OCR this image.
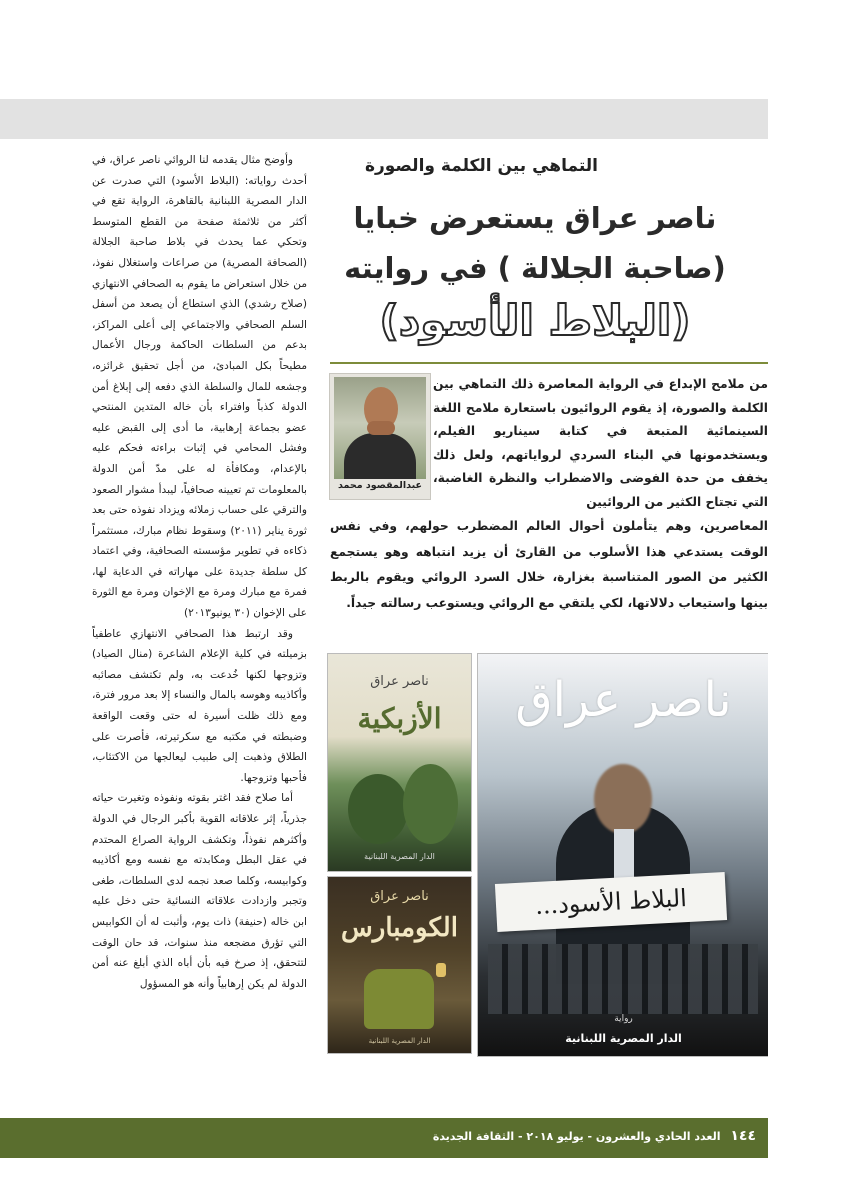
وأوضح مثال يقدمه لنا الروائي ناصر عراق، في أحدث رواياته: (البلاط الأسود) التي صدرت عن الدار المصرية اللبنانية بالقاهرة، الرواية تقع في أكثر من ثلاثمئة صفحة من القطع المتوسط وتحكي عما يحدث في بلاط صاحبة الجلالة (الصحافة المصرية) من صراعات واستغلال نفوذ، من خلال استعراض ما يقوم به الصحافي الانتهازي (صلاح رشدي) الذي استطاع أن يصعد من أسفل السلم الصحافي والاجتماعي إلى أعلى المراكز، بدعم من السلطات الحاكمة ورجال الأعمال مطيحاً بكل المبادئ، من أجل تحقيق غرائزه، وجشعه للمال والسلطة الذي دفعه إلى إبلاغ أمن الدولة كذباً وافتراء بأن خاله المتدين المنتحي عضو بجماعة إرهابية، ما أدى إلى القبض عليه وفشل المحامي في إثبات براءته فحكم عليه بالإعدام، ومكافأة له على مدّ أمن الدولة بالمعلومات تم تعيينه صحافياً، ليبدأ مشوار الصعود والترقي على حساب زملائه ويزداد نفوذه حتى بعد ثورة يناير (٢٠١١) وسقوط نظام مبارك، مستثمراً ذكاءه في تطوير مؤسسته الصحافية، وفي اعتماد كل سلطة جديدة على مهاراته في الدعاية لها، فمرة مع مبارك ومرة مع الإخوان ومرة مع الثورة على الإخوان (٣٠ يونيو٢٠١٣)

وقد ارتبط هذا الصحافي الانتهازي عاطفياً بزميلته في كلية الإعلام الشاعرة (منال الصياد) وتزوجها لكنها خُدعت به، ولم تكتشف مصائبه وأكاذيبه وهوسه بالمال والنساء إلا بعد مرور فترة، ومع ذلك ظلت أسيرة له حتى وقعت الواقعة وضبطته في مكتبه مع سكرتيرته، فأصرت على الطلاق وذهبت إلى طبيب ليعالجها من الاكتئاب، فأحبها وتزوجها.

أما صلاح فقد اغتر بقوته ونفوذه وتغيرت حياته جذرياً، إثر علاقاته القوية بأكبر الرجال في الدولة وأكثرهم نفوذاً، وتكشف الرواية الصراع المحتدم في عقل البطل ومكابدته مع نفسه ومع أكاذيبه وكوابيسه، وكلما صعد نجمه لدى السلطات، طغى وتجبر وازدادت علاقاته النسائية حتى دخل عليه ابن خاله (حنيفة) ذات يوم، وأثبت له أن الكوابيس التي تؤرق مضجعه منذ سنوات، قد حان الوقت لتتحقق، إذ صرخ فيه بأن أباه الذي أبلغ عنه أمن الدولة لم يكن إرهابياً وأنه هو المسؤول

التماهي بين الكلمة والصورة
ناصر عراق يستعرض خبايا
(صاحبة الجلالة ) في روايته
(البلاط الأسود)
عبدالمقصود محمد
من ملامح الإبداع في الرواية المعاصرة ذلك التماهي بين الكلمة والصورة، إذ يقوم الروائيون باستعارة ملامح اللغة السينمائية المتبعة في كتابة سيناريو الفيلم، ويستخدمونها في البناء السردي لرواياتهم، ولعل ذلك يخفف من حدة الفوضى والاضطراب والنظرة الغاضبة، التي تجتاح الكثير من الروائيين
المعاصرين، وهم يتأملون أحوال العالم المضطرب حولهم، وفي نفس الوقت يستدعي هذا الأسلوب من القارئ أن يزيد انتباهه وهو يستجمع الكثير من الصور المتناسبة بغزارة، خلال السرد الروائي ويقوم بالربط بينها واستيعاب دلالاتها، لكي يلتقي مع الروائي ويستوعب رسالته جيداً.
ناصر عراق
البلاط الأسود...
رواية
الدار المصرية اللبنانية
ناصر عراق
الأزبكية
الدار المصرية اللبنانية
ناصر عراق
الكومبارس
الدار المصرية اللبنانية
١٤٤ العدد الحادي والعشرون - يوليو ٢٠١٨ - الثقافة الجديدة
